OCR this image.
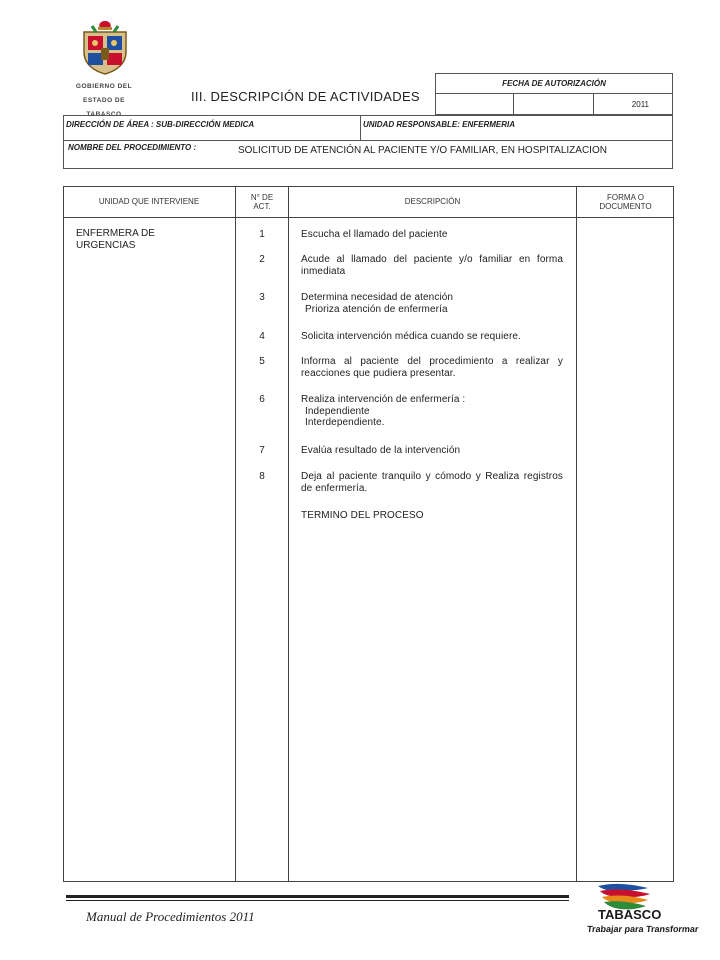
GOBIERNO DEL

ESTADO DE

TABASCO

III. DESCRIPCIÓN DE ACTIVIDADES
FECHA DE AUTORIZACIÓN
2011
DIRECCIÓN DE ÁREA : SUB-DIRECCIÓN MEDICA	UNIDAD RESPONSABLE: ENFERMERIA
NOMBRE DEL PROCEDIMIENTO :	SOLICITUD DE ATENCIÓN AL PACIENTE Y/O FAMILIAR, EN HOSPITALIZACION
UNIDAD QUE INTERVIENE
N° DE ACT.
DESCRIPCIÓN
FORMA O DOCUMENTO
ENFERMERA DE
URGENCIAS
1	Escucha el llamado del paciente
2	Acude al llamado del paciente y/o familiar en forma inmediata
3	Determina necesidad de atención
Prioriza atención de enfermería
4	Solicita intervención médica cuando se requiere.
5	Informa al paciente del procedimiento a realizar y reacciones que pudiera presentar.
6	Realiza intervención de enfermería :
Independiente
Interdependiente.
7	Evalúa resultado de la intervención
8	Deja al paciente tranquilo y cómodo y Realiza registros de enfermería.
TERMINO DEL PROCESO
Manual de Procedimientos 2011	TABASCO
Trabajar para Transformar
